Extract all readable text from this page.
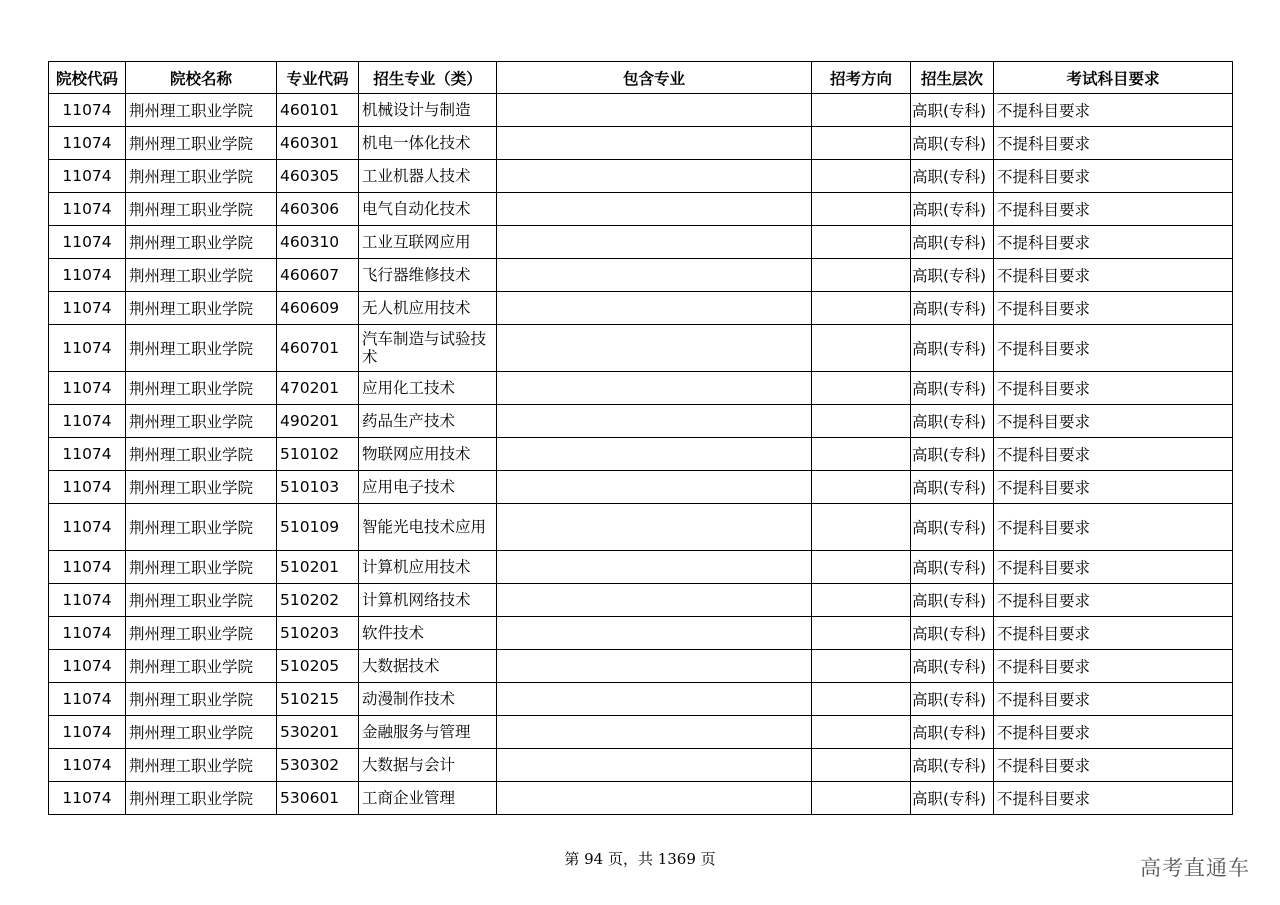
院校代码	院校名称	专业代码	招生专业（类）	包含专业	招考方向	招生层次	考试科目要求
11074	荆州理工职业学院	460101	机械设计与制造			高职(专科)	不提科目要求
11074	荆州理工职业学院	460301	机电一体化技术			高职(专科)	不提科目要求
11074	荆州理工职业学院	460305	工业机器人技术			高职(专科)	不提科目要求
11074	荆州理工职业学院	460306	电气自动化技术			高职(专科)	不提科目要求
11074	荆州理工职业学院	460310	工业互联网应用			高职(专科)	不提科目要求
11074	荆州理工职业学院	460607	飞行器维修技术			高职(专科)	不提科目要求
11074	荆州理工职业学院	460609	无人机应用技术			高职(专科)	不提科目要求
11074	荆州理工职业学院	460701	汽车制造与试验技术			高职(专科)	不提科目要求
11074	荆州理工职业学院	470201	应用化工技术			高职(专科)	不提科目要求
11074	荆州理工职业学院	490201	药品生产技术			高职(专科)	不提科目要求
11074	荆州理工职业学院	510102	物联网应用技术			高职(专科)	不提科目要求
11074	荆州理工职业学院	510103	应用电子技术			高职(专科)	不提科目要求
11074	荆州理工职业学院	510109	智能光电技术应用			高职(专科)	不提科目要求
11074	荆州理工职业学院	510201	计算机应用技术			高职(专科)	不提科目要求
11074	荆州理工职业学院	510202	计算机网络技术			高职(专科)	不提科目要求
11074	荆州理工职业学院	510203	软件技术			高职(专科)	不提科目要求
11074	荆州理工职业学院	510205	大数据技术			高职(专科)	不提科目要求
11074	荆州理工职业学院	510215	动漫制作技术			高职(专科)	不提科目要求
11074	荆州理工职业学院	530201	金融服务与管理			高职(专科)	不提科目要求
11074	荆州理工职业学院	530302	大数据与会计			高职(专科)	不提科目要求
11074	荆州理工职业学院	530601	工商企业管理			高职(专科)	不提科目要求
第 94 页，共 1369 页	高考直通车
